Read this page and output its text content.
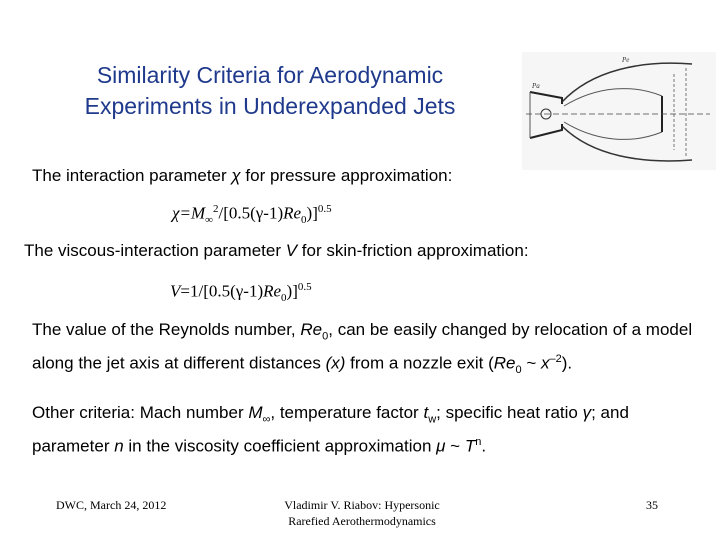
Similarity Criteria for Aerodynamic
Experiments in Underexpanded Jets
Pe
Pa
The interaction parameter χ for pressure approximation:
$\chi=M_\infty^2/[0.5(\gamma-1)Re_0)]^{0.5}$
The viscous-interaction parameter V for skin-friction approximation:
$V=1/[0.5(\gamma-1)Re_0)]^{0.5}$
The value of the Reynolds number, $Re_0$, can be easily changed by relocation of a model along the jet axis at different distances (x) from a nozzle exit ($Re_0$ ~ $x^{-2}$).
Other criteria: Mach number $M_\infty$, temperature factor $t_w$; specific heat ratio γ; and parameter n in the viscosity coefficient approximation μ ~ $T^n$.
DWC, March 24, 2012	Vladimir V. Riabov: Hypersonic
Rarefied Aerothermodynamics
35
